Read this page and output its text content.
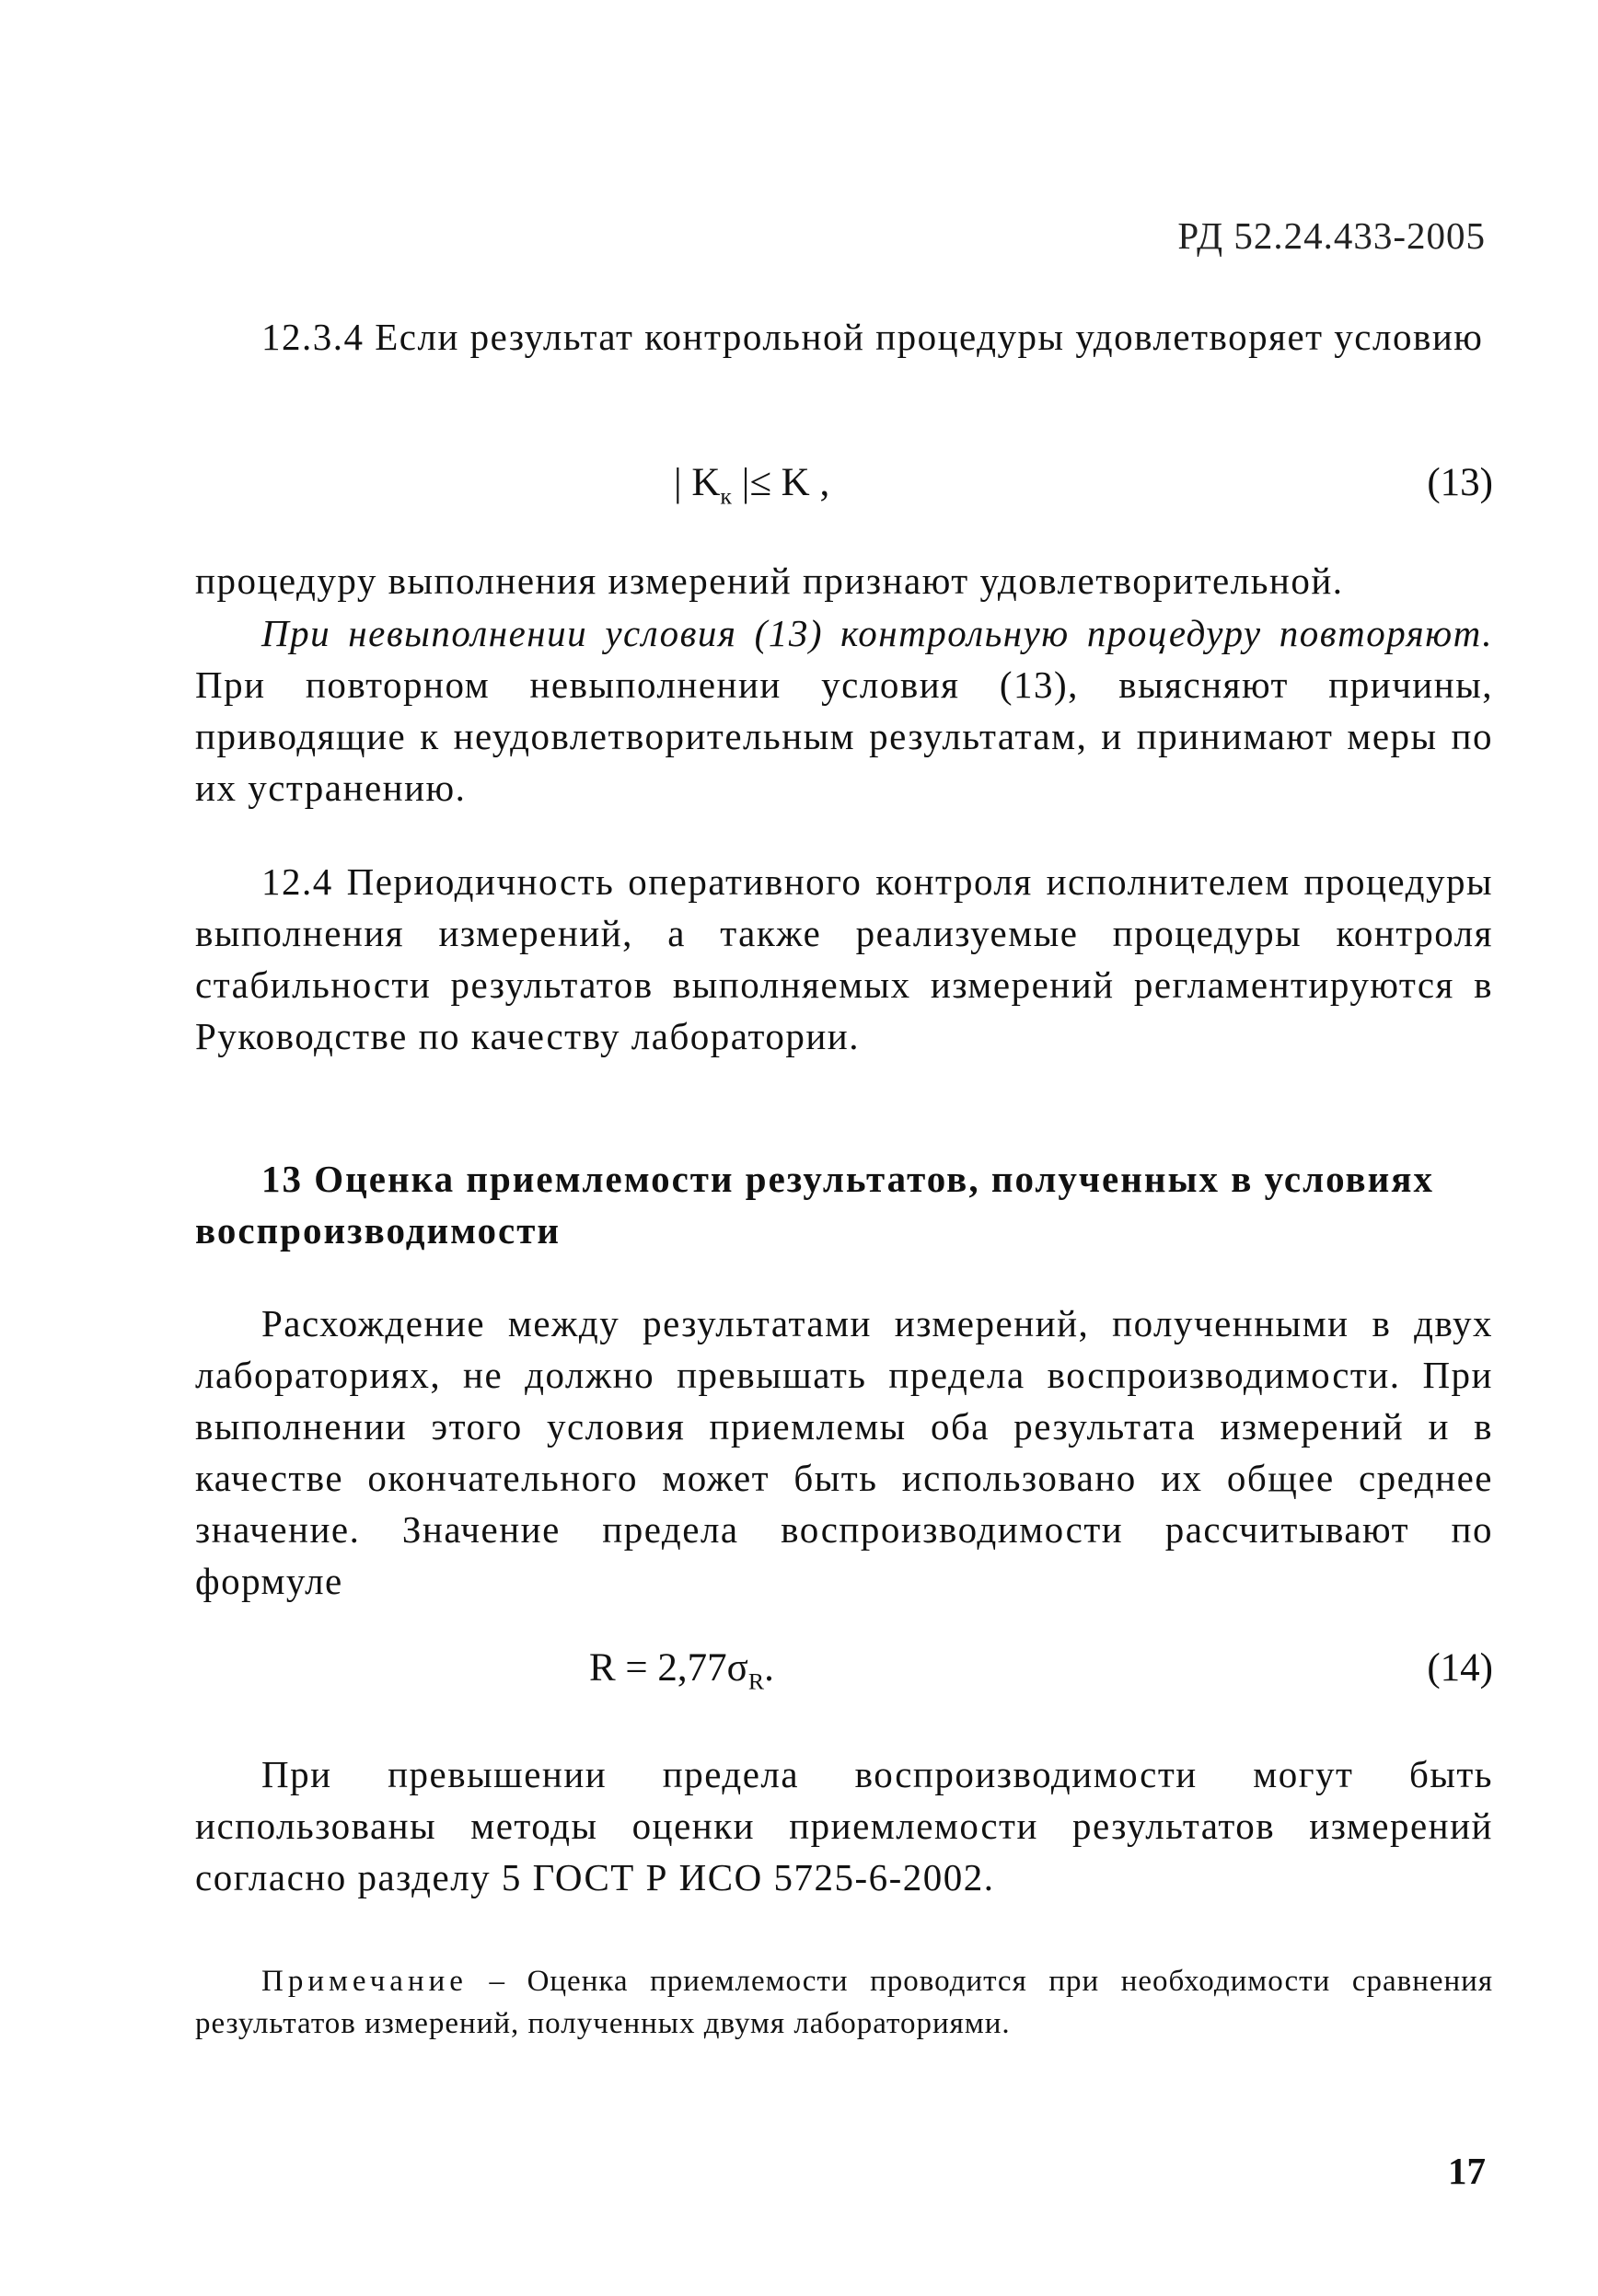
РД 52.24.433-2005

12.3.4 Если результат контрольной процедуры удовлетворяет условию

| $K_к$ |≤ K ,	(13)

процедуру выполнения измерений признают удовлетворительной.

При невыполнении условия (13) контрольную процедуру повторяют. При повторном невыполнении условия (13), выясняют причины, приводящие к неудовлетворительным результатам, и принимают меры по их устранению.

12.4 Периодичность оперативного контроля исполнителем процедуры выполнения измерений, а также реализуемые процедуры контроля стабильности результатов выполняемых измерений регламентируются в Руководстве по качеству лаборатории.

13 Оценка приемлемости результатов, полученных в условиях воспроизводимости

Расхождение между результатами измерений, полученными в двух лабораториях, не должно превышать предела воспроизводимости. При выполнении этого условия приемлемы оба результата измерений и в качестве окончательного может быть использовано их общее среднее значение. Значение предела воспроизводимости рассчитывают по формуле

$R = 2,77\sigma_R$.	(14)

При превышении предела воспроизводимости могут быть использованы методы оценки приемлемости результатов измерений согласно разделу 5 ГОСТ Р ИСО 5725-6-2002.

Примечание – Оценка приемлемости проводится при необходимости сравнения результатов измерений, полученных двумя лабораториями.

17
